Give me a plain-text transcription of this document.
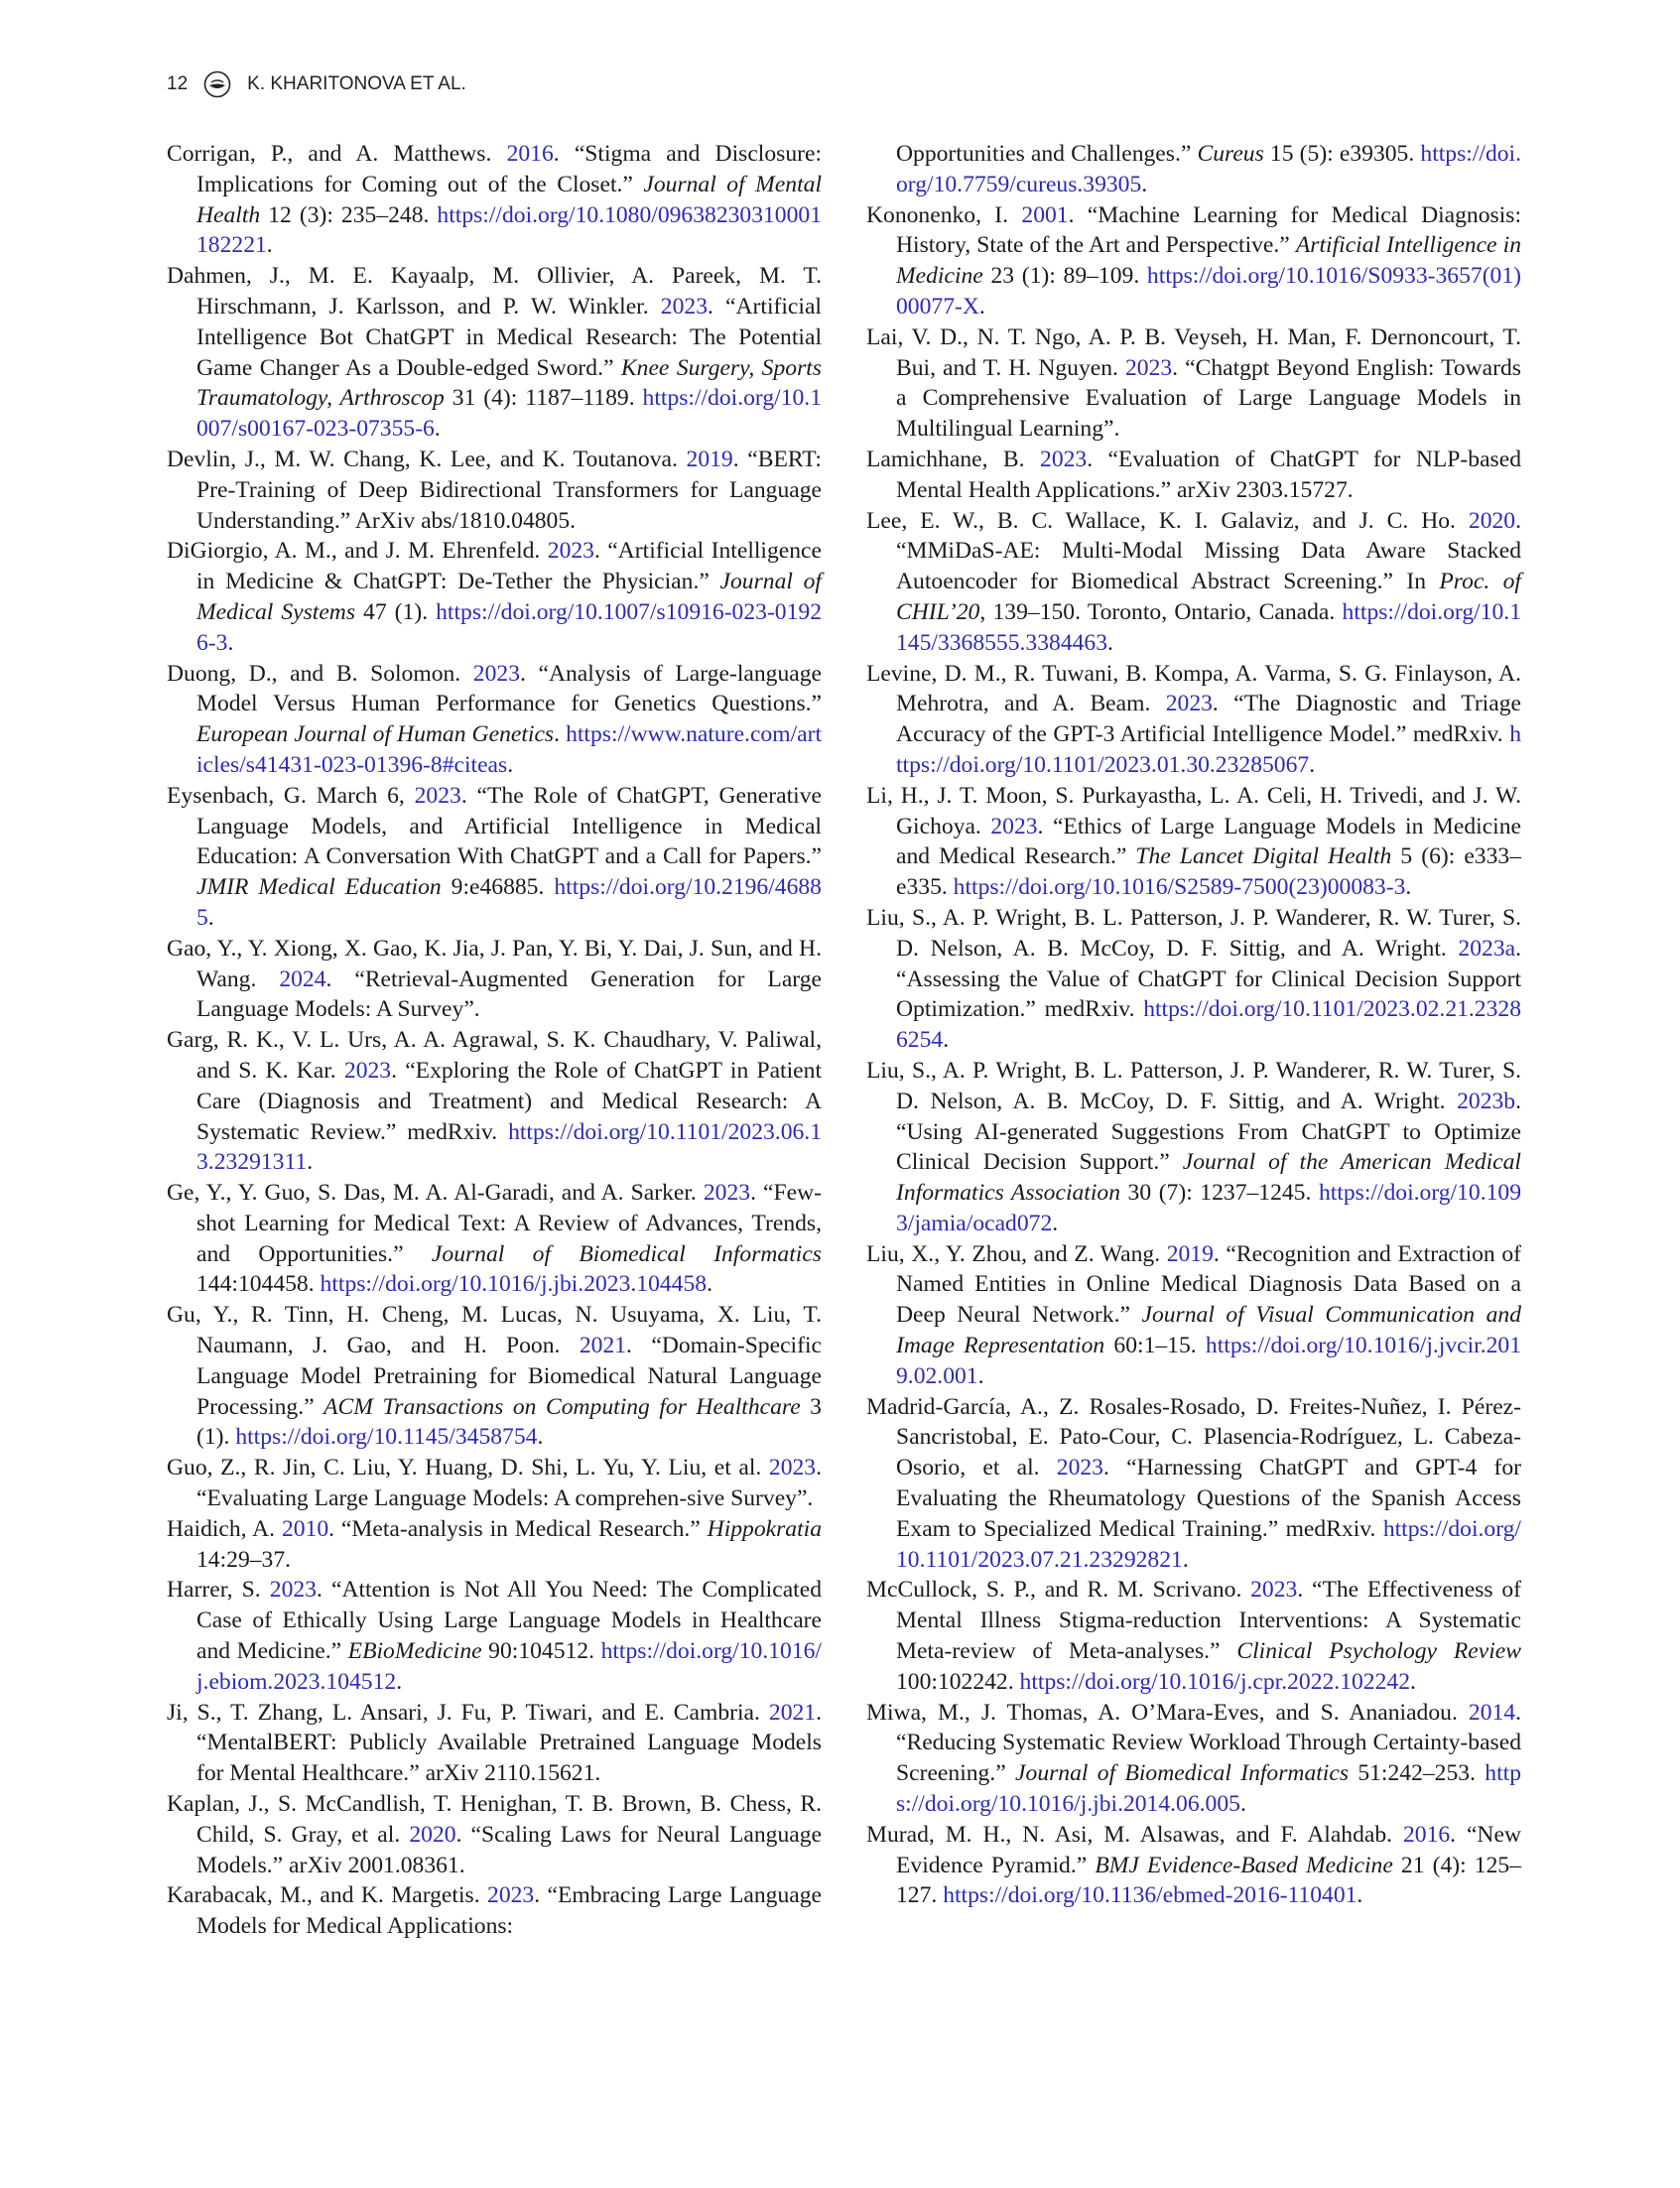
12	K. KHARITONOVA ET AL.

Corrigan, P., and A. Matthews. 2016. “Stigma and Disclosure: Implications for Coming out of the Closet.” Journal of Mental Health 12 (3): 235–248. https://doi.org/10.1080/09638230310001182221.

Dahmen, J., M. E. Kayaalp, M. Ollivier, A. Pareek, M. T. Hirschmann, J. Karlsson, and P. W. Winkler. 2023. “Artificial Intelligence Bot ChatGPT in Medical Research: The Potential Game Changer As a Double-edged Sword.” Knee Surgery, Sports Traumatology, Arthroscop 31 (4): 1187–1189. https://doi.org/10.1007/s00167-023-07355-6.

Devlin, J., M. W. Chang, K. Lee, and K. Toutanova. 2019. “BERT: Pre-Training of Deep Bidirectional Transformers for Language Understanding.” ArXiv abs/1810.04805.

DiGiorgio, A. M., and J. M. Ehrenfeld. 2023. “Artificial Intelligence in Medicine & ChatGPT: De-Tether the Physician.” Journal of Medical Systems 47 (1). https://doi.org/10.1007/s10916-023-01926-3.

Duong, D., and B. Solomon. 2023. “Analysis of Large-language Model Versus Human Performance for Genetics Questions.” European Journal of Human Genetics. https://www.nature.com/articles/s41431-023-01396-8#citeas.

Eysenbach, G. March 6, 2023. “The Role of ChatGPT, Generative Language Models, and Artificial Intelligence in Medical Education: A Conversation With ChatGPT and a Call for Papers.” JMIR Medical Education 9:e46885. https://doi.org/10.2196/46885.

Gao, Y., Y. Xiong, X. Gao, K. Jia, J. Pan, Y. Bi, Y. Dai, J. Sun, and H. Wang. 2024. “Retrieval-Augmented Generation for Large Language Models: A Survey”.

Garg, R. K., V. L. Urs, A. A. Agrawal, S. K. Chaudhary, V. Paliwal, and S. K. Kar. 2023. “Exploring the Role of ChatGPT in Patient Care (Diagnosis and Treatment) and Medical Research: A Systematic Review.” medRxiv. https://doi.org/10.1101/2023.06.13.23291311.

Ge, Y., Y. Guo, S. Das, M. A. Al-Garadi, and A. Sarker. 2023. “Few-shot Learning for Medical Text: A Review of Advances, Trends, and Opportunities.” Journal of Biomedical Informatics 144:104458. https://doi.org/10.1016/j.jbi.2023.104458.

Gu, Y., R. Tinn, H. Cheng, M. Lucas, N. Usuyama, X. Liu, T. Naumann, J. Gao, and H. Poon. 2021. “Domain-Specific Language Model Pretraining for Biomedical Natural Language Processing.” ACM Transactions on Computing for Healthcare 3 (1). https://doi.org/10.1145/3458754.

Guo, Z., R. Jin, C. Liu, Y. Huang, D. Shi, L. Yu, Y. Liu, et al. 2023. “Evaluating Large Language Models: A comprehen-sive Survey”.

Haidich, A. 2010. “Meta-analysis in Medical Research.” Hippokratia 14:29–37.

Harrer, S. 2023. “Attention is Not All You Need: The Complicated Case of Ethically Using Large Language Models in Healthcare and Medicine.” EBioMedicine 90:104512. https://doi.org/10.1016/j.ebiom.2023.104512.

Ji, S., T. Zhang, L. Ansari, J. Fu, P. Tiwari, and E. Cambria. 2021. “MentalBERT: Publicly Available Pretrained Language Models for Mental Healthcare.” arXiv 2110.15621.

Kaplan, J., S. McCandlish, T. Henighan, T. B. Brown, B. Chess, R. Child, S. Gray, et al. 2020. “Scaling Laws for Neural Language Models.” arXiv 2001.08361.

Karabacak, M., and K. Margetis. 2023. “Embracing Large Language Models for Medical Applications:

Opportunities and Challenges.” Cureus 15 (5): e39305. https://doi.org/10.7759/cureus.39305.

Kononenko, I. 2001. “Machine Learning for Medical Diagnosis: History, State of the Art and Perspective.” Artificial Intelligence in Medicine 23 (1): 89–109. https://doi.org/10.1016/S0933-3657(01)00077-X.

Lai, V. D., N. T. Ngo, A. P. B. Veyseh, H. Man, F. Dernoncourt, T. Bui, and T. H. Nguyen. 2023. “Chatgpt Beyond English: Towards a Comprehensive Evaluation of Large Language Models in Multilingual Learning”.

Lamichhane, B. 2023. “Evaluation of ChatGPT for NLP-based Mental Health Applications.” arXiv 2303.15727.

Lee, E. W., B. C. Wallace, K. I. Galaviz, and J. C. Ho. 2020. “MMiDaS-AE: Multi-Modal Missing Data Aware Stacked Autoencoder for Biomedical Abstract Screening.” In Proc. of CHIL’20, 139–150. Toronto, Ontario, Canada. https://doi.org/10.1145/3368555.3384463.

Levine, D. M., R. Tuwani, B. Kompa, A. Varma, S. G. Finlayson, A. Mehrotra, and A. Beam. 2023. “The Diagnostic and Triage Accuracy of the GPT-3 Artificial Intelligence Model.” medRxiv. https://doi.org/10.1101/2023.01.30.23285067.

Li, H., J. T. Moon, S. Purkayastha, L. A. Celi, H. Trivedi, and J. W. Gichoya. 2023. “Ethics of Large Language Models in Medicine and Medical Research.” The Lancet Digital Health 5 (6): e333–e335. https://doi.org/10.1016/S2589-7500(23)00083-3.

Liu, S., A. P. Wright, B. L. Patterson, J. P. Wanderer, R. W. Turer, S. D. Nelson, A. B. McCoy, D. F. Sittig, and A. Wright. 2023a. “Assessing the Value of ChatGPT for Clinical Decision Support Optimization.” medRxiv. https://doi.org/10.1101/2023.02.21.23286254.

Liu, S., A. P. Wright, B. L. Patterson, J. P. Wanderer, R. W. Turer, S. D. Nelson, A. B. McCoy, D. F. Sittig, and A. Wright. 2023b. “Using AI-generated Suggestions From ChatGPT to Optimize Clinical Decision Support.” Journal of the American Medical Informatics Association 30 (7): 1237–1245. https://doi.org/10.1093/jamia/ocad072.

Liu, X., Y. Zhou, and Z. Wang. 2019. “Recognition and Extraction of Named Entities in Online Medical Diagnosis Data Based on a Deep Neural Network.” Journal of Visual Communication and Image Representation 60:1–15. https://doi.org/10.1016/j.jvcir.2019.02.001.

Madrid-García, A., Z. Rosales-Rosado, D. Freites-Nuñez, I. Pérez-Sancristobal, E. Pato-Cour, C. Plasencia-Rodríguez, L. Cabeza-Osorio, et al. 2023. “Harnessing ChatGPT and GPT-4 for Evaluating the Rheumatology Questions of the Spanish Access Exam to Specialized Medical Training.” medRxiv. https://doi.org/10.1101/2023.07.21.23292821.

McCullock, S. P., and R. M. Scrivano. 2023. “The Effectiveness of Mental Illness Stigma-reduction Interventions: A Systematic Meta-review of Meta-analyses.” Clinical Psychology Review 100:102242. https://doi.org/10.1016/j.cpr.2022.102242.

Miwa, M., J. Thomas, A. O’Mara-Eves, and S. Ananiadou. 2014. “Reducing Systematic Review Workload Through Certainty-based Screening.” Journal of Biomedical Informatics 51:242–253. https://doi.org/10.1016/j.jbi.2014.06.005.

Murad, M. H., N. Asi, M. Alsawas, and F. Alahdab. 2016. “New Evidence Pyramid.” BMJ Evidence-Based Medicine 21 (4): 125–127. https://doi.org/10.1136/ebmed-2016-110401.
